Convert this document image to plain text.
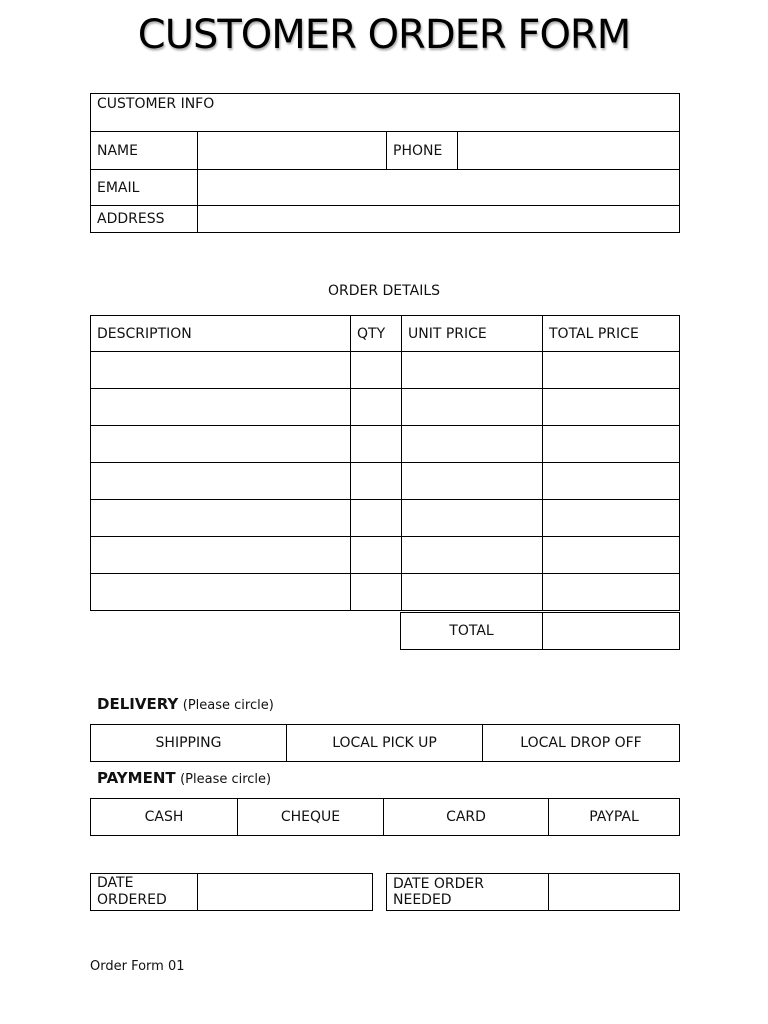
CUSTOMER ORDER FORM
CUSTOMER INFO			
NAME		PHONE	
EMAIL			
ADDRESS			
ORDER DETAILS
DESCRIPTION	QTY	UNIT PRICE	TOTAL PRICE

TOTAL	
DELIVERY (Please circle)
SHIPPING	LOCAL PICK UP	LOCAL DROP OFF
PAYMENT (Please circle)
CASH	CHEQUE	CARD	PAYPAL
DATE ORDERED	
DATE ORDER NEEDED	
Order Form 01
